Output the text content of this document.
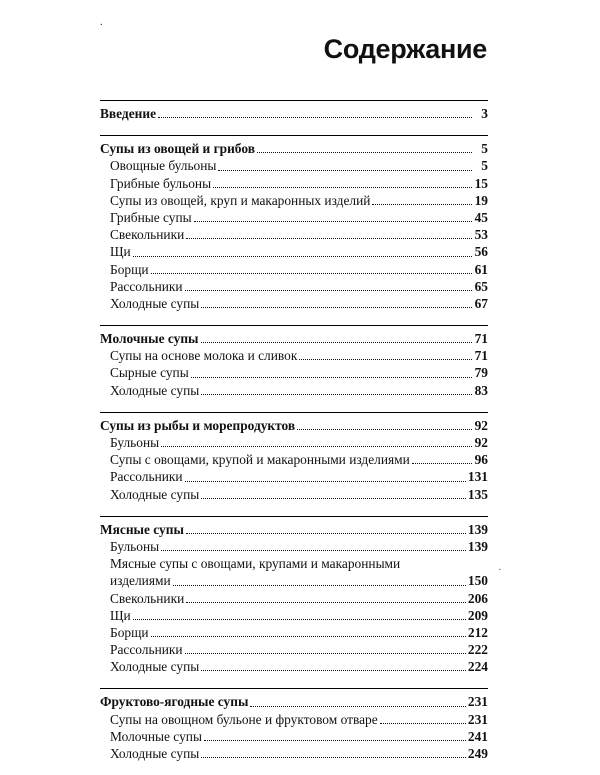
.
Содержание
Введение	3
Супы из овощей и грибов	5
Овощные бульоны	5
Грибные бульоны	15
Супы из овощей, круп и макаронных изделий	19
Грибные супы	45
Свекольники	53
Щи	56
Борщи	61
Рассольники	65
Холодные супы	67
Молочные супы	71
Супы на основе молока и сливок	71
Сырные супы	79
Холодные супы	83
Супы из рыбы и морепродуктов	92
Бульоны	92
Супы с овощами, крупой и макаронными изделиями	96
Рассольники	131
Холодные супы	135
Мясные супы	139
Бульоны	139
Мясные супы с овощами, крупами и макаронными
изделиями	150
Свекольники	206
Щи	209
Борщи	212
Рассольники	222
Холодные супы	224
Фруктово-ягодные супы	231
Супы на овощном бульоне и фруктовом отваре	231
Молочные супы	241
Холодные супы	249
·
